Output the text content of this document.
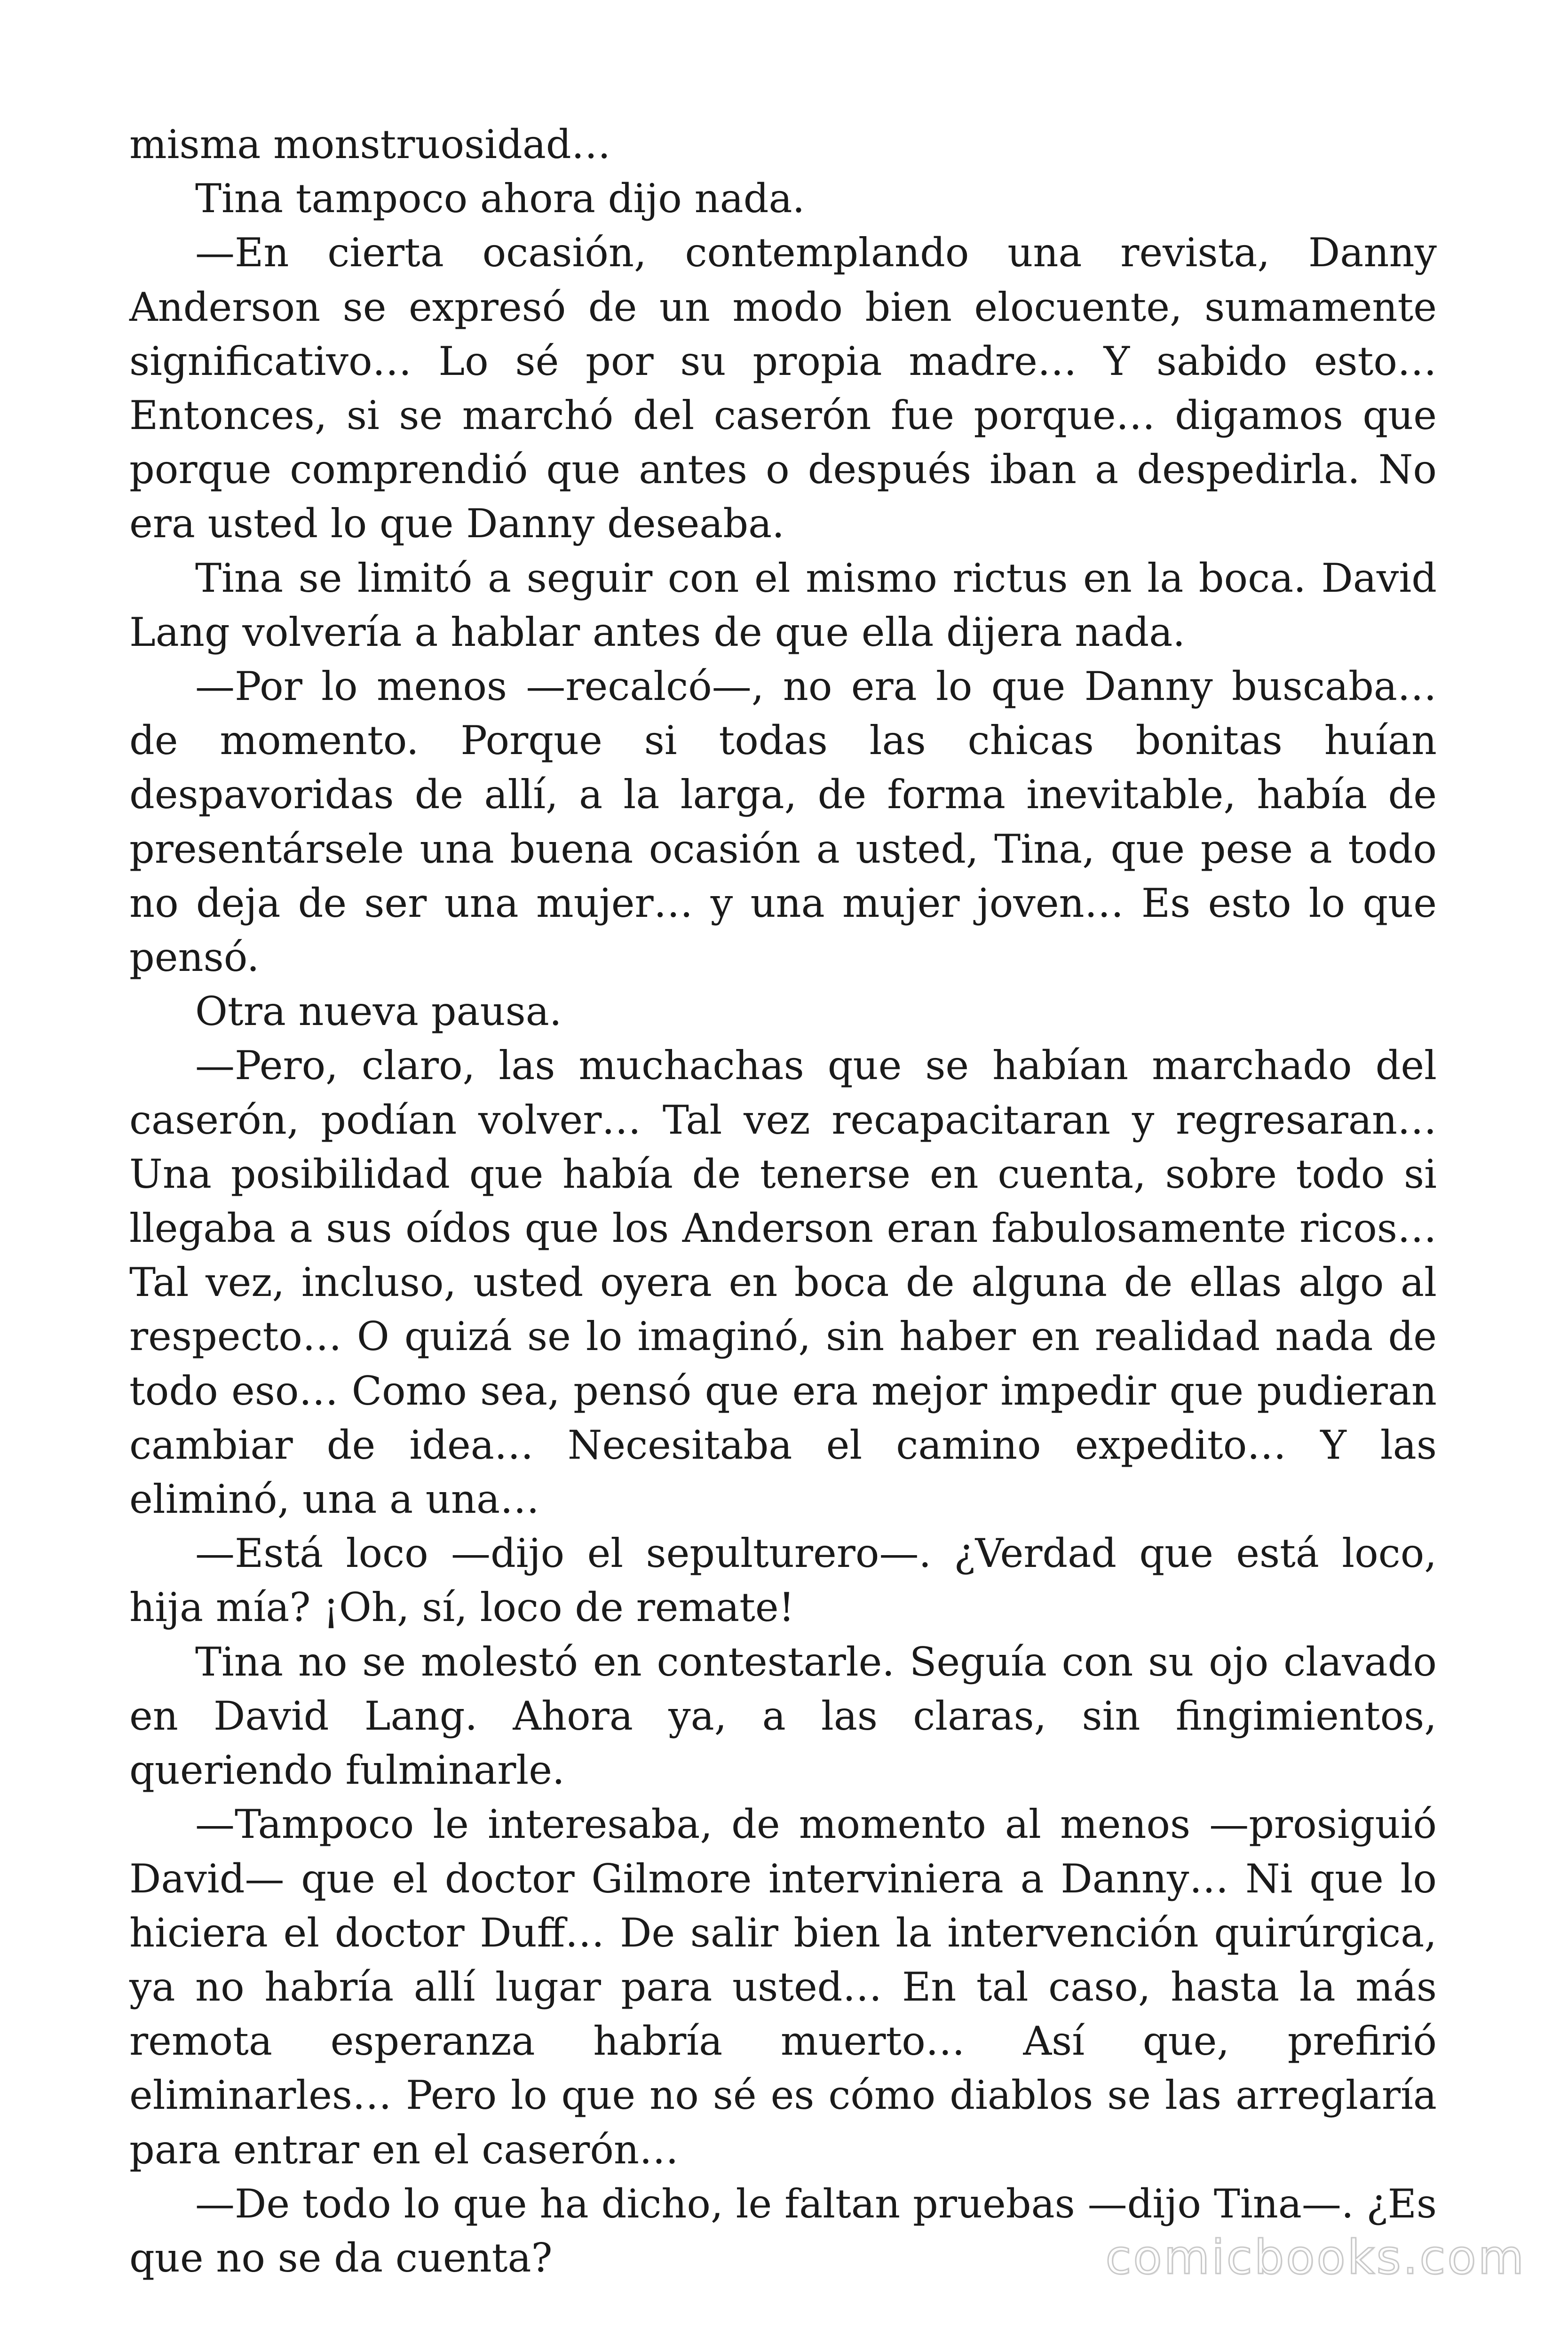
misma monstruosidad…

Tina tampoco ahora dijo nada.

—En cierta ocasión, contemplando una revista, Danny Anderson se expresó de un modo bien elocuente, sumamente significativo… Lo sé por su propia madre… Y sabido esto… Entonces, si se marchó del caserón fue porque… digamos que porque comprendió que antes o después iban a despedirla. No era usted lo que Danny deseaba.

Tina se limitó a seguir con el mismo rictus en la boca. David Lang volvería a hablar antes de que ella dijera nada.

—Por lo menos —recalcó—, no era lo que Danny buscaba… de momento. Porque si todas las chicas bonitas huían despavoridas de allí, a la larga, de forma inevitable, había de presentársele una buena ocasión a usted, Tina, que pese a todo no deja de ser una mujer… y una mujer joven… Es esto lo que pensó.

Otra nueva pausa.

—Pero, claro, las muchachas que se habían marchado del caserón, podían volver… Tal vez recapacitaran y regresaran… Una posibilidad que había de tenerse en cuenta, sobre todo si llegaba a sus oídos que los Anderson eran fabulosamente ricos… Tal vez, incluso, usted oyera en boca de alguna de ellas algo al respecto… O quizá se lo imaginó, sin haber en realidad nada de todo eso… Como sea, pensó que era mejor impedir que pudieran cambiar de idea… Necesitaba el camino expedito… Y las eliminó, una a una…

—Está loco —dijo el sepulturero—. ¿Verdad que está loco, hija mía? ¡Oh, sí, loco de remate!

Tina no se molestó en contestarle. Seguía con su ojo clavado en David Lang. Ahora ya, a las claras, sin fingimientos, queriendo fulminarle.

—Tampoco le interesaba, de momento al menos —prosiguió David— que el doctor Gilmore interviniera a Danny… Ni que lo hiciera el doctor Duff… De salir bien la intervención quirúrgica, ya no habría allí lugar para usted… En tal caso, hasta la más remota esperanza habría muerto… Así que, prefirió eliminarles… Pero lo que no sé es cómo diablos se las arreglaría para entrar en el caserón…

—De todo lo que ha dicho, le faltan pruebas —dijo Tina—. ¿Es que no se da cuenta?	comicbooks.com
